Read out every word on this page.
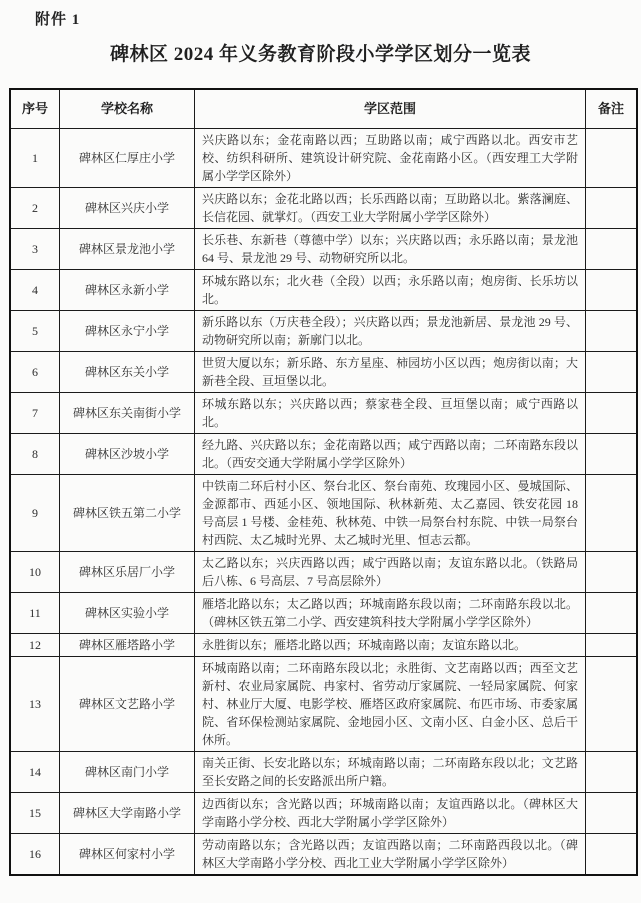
附件 1
碑林区 2024 年义务教育阶段小学学区划分一览表
序号	学校名称	学区范围	备注
1	碑林区仁厚庄小学	兴庆路以东；金花南路以西；互助路以南；咸宁西路以北。西安市艺校、纺织科研所、建筑设计研究院、金花南路小区。（西安理工大学附属小学学区除外）	
2	碑林区兴庆小学	兴庆路以东；金花北路以西；长乐西路以南；互助路以北。紫落澜庭、长信花园、就掌灯。（西安工业大学附属小学学区除外）	
3	碑林区景龙池小学	长乐巷、东新巷（尊德中学）以东；兴庆路以西；永乐路以南；景龙池 64 号、景龙池 29 号、动物研究所以北。	
4	碑林区永新小学	环城东路以东；北火巷（全段）以西；永乐路以南；炮房街、长乐坊以北。	
5	碑林区永宁小学	新乐路以东（万庆巷全段）；兴庆路以西；景龙池新居、景龙池 29 号、动物研究所以南；新廓门以北。	
6	碑林区东关小学	世贸大厦以东；新乐路、东方星座、柿园坊小区以西；炮房街以南；大新巷全段、亘垣堡以北。	
7	碑林区东关南街小学	环城东路以东；兴庆路以西；蔡家巷全段、亘垣堡以南；咸宁西路以北。	
8	碑林区沙坡小学	经九路、兴庆路以东；金花南路以西；咸宁西路以南；二环南路东段以北。（西安交通大学附属小学学区除外）	
9	碑林区铁五第二小学	中铁南二环后村小区、祭台北区、祭台南苑、玫瑰园小区、曼城国际、金源都市、西延小区、领地国际、秋林新苑、太乙嘉园、铁安花园 18 号高层 1 号楼、金桂苑、秋林苑、中铁一局祭台村东院、中铁一局祭台村西院、太乙城时光界、太乙城时光里、恒志云都。	
10	碑林区乐居厂小学	太乙路以东；兴庆西路以西；咸宁西路以南；友谊东路以北。（铁路局后八栋、6 号高层、7 号高层除外）	
11	碑林区实验小学	雁塔北路以东；太乙路以西；环城南路东段以南；二环南路东段以北。（碑林区铁五第二小学、西安建筑科技大学附属小学学区除外）	
12	碑林区雁塔路小学	永胜街以东；雁塔北路以西；环城南路以南；友谊东路以北。	
13	碑林区文艺路小学	环城南路以南；二环南路东段以北；永胜街、文艺南路以西；西至文艺新村、农业局家属院、冉家村、省劳动厅家属院、一轻局家属院、何家村、林业厅大厦、电影学校、雁塔区政府家属院、布匹市场、市委家属院、省环保检测站家属院、金地园小区、文南小区、白金小区、总后干休所。	
14	碑林区南门小学	南关正街、长安北路以东；环城南路以南；二环南路东段以北；文艺路至长安路之间的长安路派出所户籍。	
15	碑林区大学南路小学	边西街以东；含光路以西；环城南路以南；友谊西路以北。（碑林区大学南路小学分校、西北大学附属小学学区除外）	
16	碑林区何家村小学	劳动南路以东；含光路以西；友谊西路以南；二环南路西段以北。（碑林区大学南路小学分校、西北工业大学附属小学学区除外）	
